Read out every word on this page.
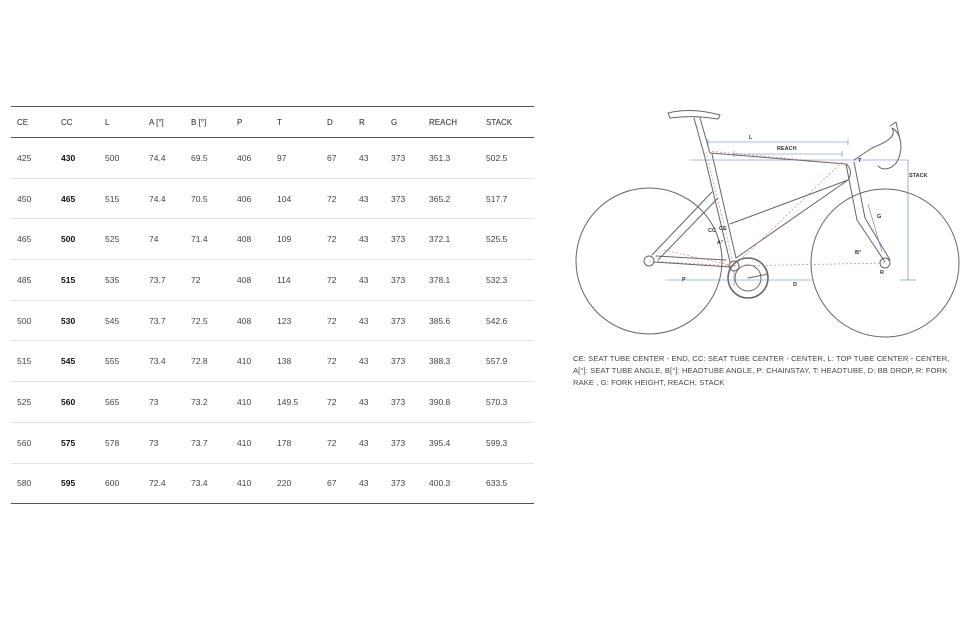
CE	CC	L	A [°]	B [°]	P	T	D	R	G	REACH	STACK
425	430	500	74.4	69.5	406	97	67	43	373	351.3	502.5
450	465	515	74.4	70.5	406	104	72	43	373	365.2	517.7
465	500	525	74	71.4	408	109	72	43	373	372.1	525.5
485	515	535	73.7	72	408	114	72	43	373	378.1	532.3
500	530	545	73.7	72.5	408	123	72	43	373	385.6	542.6
515	545	555	73.4	72.8	410	138	72	43	373	388.3	557.9
525	560	565	73	73.2	410	149.5	72	43	373	390.8	570.3
560	575	578	73	73.7	410	178	72	43	373	395.4	599.3
580	595	600	72.4	73.4	410	220	67	43	373	400.3	633.5
L
REACH
STACK
T
G
B°
R
D
P
A°
CC CE
CE: SEAT TUBE CENTER - END, CC: SEAT TUBE CENTER - CENTER, L: TOP TUBE CENTER - CENTER, A[°]: SEAT TUBE ANGLE, B[°]: HEADTUBE ANGLE, P: CHAINSTAY, T: HEADTUBE, D: BB DROP, R: FORK RAKE , G: FORK HEIGHT, REACH, STACK
